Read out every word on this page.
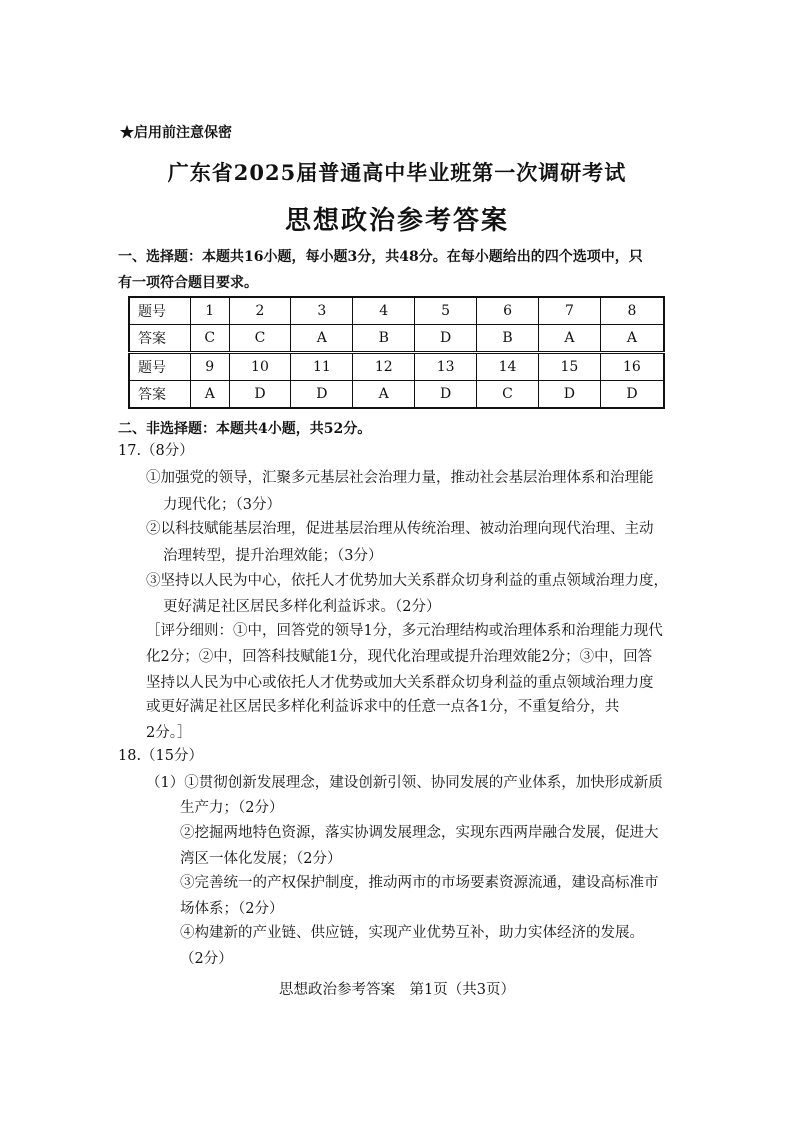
★启用前注意保密
广东省2025届普通高中毕业班第一次调研考试
思想政治参考答案
一、选择题：本题共16小题，每小题3分，共48分。在每小题给出的四个选项中，只
有一项符合题目要求。
题号	1	2	3	4	5	6	7	8
答案	C	C	A	B	D	B	A	A
题号	9	10	11	12	13	14	15	16
答案	A	D	D	A	D	C	D	D
二、非选择题：本题共4小题，共52分。
17.（8分）
①加强党的领导，汇聚多元基层社会治理力量，推动社会基层治理体系和治理能
力现代化；（3分）
②以科技赋能基层治理，促进基层治理从传统治理、被动治理向现代治理、主动
治理转型，提升治理效能；（3分）
③坚持以人民为中心，依托人才优势加大关系群众切身利益的重点领域治理力度，
更好满足社区居民多样化利益诉求。（2分）
［评分细则：①中，回答党的领导1分，多元治理结构或治理体系和治理能力现代
化2分；②中，回答科技赋能1分，现代化治理或提升治理效能2分；③中，回答
坚持以人民为中心或依托人才优势或加大关系群众切身利益的重点领域治理力度
或更好满足社区居民多样化利益诉求中的任意一点各1分，不重复给分，共
2分。］
18.（15分）
（1）①贯彻创新发展理念，建设创新引领、协同发展的产业体系，加快形成新质
生产力；（2分）
②挖掘两地特色资源，落实协调发展理念，实现东西两岸融合发展，促进大
湾区一体化发展；（2分）
③完善统一的产权保护制度，推动两市的市场要素资源流通，建设高标准市
场体系；（2分）
④构建新的产业链、供应链，实现产业优势互补，助力实体经济的发展。
（2分）
思想政治参考答案　第1页（共3页）
